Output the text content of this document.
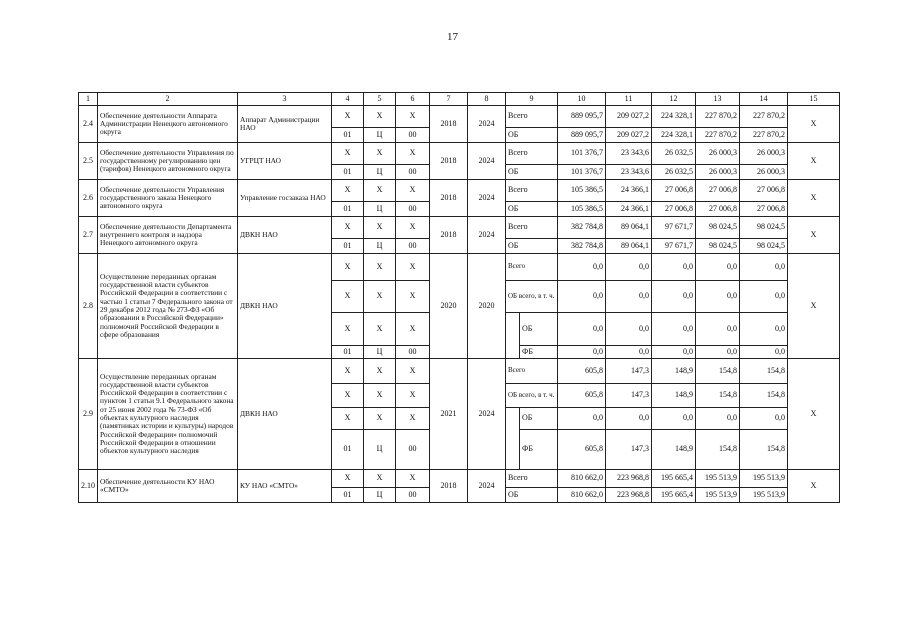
17
1	2	3	4	5	6	7	8	9		10	11	12	13	14	15
2.4	Обеспечение деятельности Аппарата Администрации Ненецкого автономного округа	Аппарат Администрации НАО	Х	Х	Х	2018	2024	Всего		889 095,7	209 027,2	224 328,1	227 870,2	227 870,2	Х
			01	Ц	00			ОБ		889 095,7	209 027,2	224 328,1	227 870,2	227 870,2	
2.5	Обеспечение деятельности Управления по государственному регулированию цен (тарифов) Ненецкого автономного округа	УГРЦТ НАО	Х	Х	Х	2018	2024	Всего		101 376,7	23 343,6	26 032,5	26 000,3	26 000,3	Х
			01	Ц	00			ОБ		101 376,7	23 343,6	26 032,5	26 000,3	26 000,3	
2.6	Обеспечение деятельности Управления государственного заказа Ненецкого автономного округа	Управление госзаказа НАО	Х	Х	Х	2018	2024	Всего		105 386,5	24 366,1	27 006,8	27 006,8	27 006,8	Х
			01	Ц	00			ОБ		105 386,5	24 366,1	27 006,8	27 006,8	27 006,8	
2.7	Обеспечение деятельности Департамента внутреннего контроля и надзора Ненецкого автономного округа	ДВКН НАО	Х	Х	Х	2018	2024	Всего		382 784,8	89 064,1	97 671,7	98 024,5	98 024,5	Х
			01	Ц	00			ОБ		382 784,8	89 064,1	97 671,7	98 024,5	98 024,5	
2.8	Осуществление переданных органам государственной власти субъектов Российской Федерации в соответствии с частью 1 статьи 7 Федерального закона от 29 декабря 2012 года № 273-ФЗ «Об образовании в Российской Федерации» полномочий Российской Федерации в сфере образования	ДВКН НАО	Х	Х	Х	2020	2020	Всего		0,0	0,0	0,0	0,0	0,0	Х
			Х	Х	Х			ОБ всего, в т. ч.		0,0	0,0	0,0	0,0	0,0	
			Х	Х	Х				ОБ	0,0	0,0	0,0	0,0	0,0	
			01	Ц	00				ФБ	0,0	0,0	0,0	0,0	0,0	
2.9	Осуществление переданных органам государственной власти субъектов Российской Федерации в соответствии с пунктом 1 статьи 9.1 Федерального закона от 25 июня 2002 года № 73-ФЗ «Об объектах культурного наследия (памятниках истории и культуры) народов Российской Федерации» полномочий Российской Федерации в отношении объектов культурного наследия	ДВКН НАО	Х	Х	Х	2021	2024	Всего		605,8	147,3	148,9	154,8	154,8	Х
			Х	Х	Х			ОБ всего, в т. ч.		605,8	147,3	148,9	154,8	154,8	
			Х	Х	Х				ОБ	0,0	0,0	0,0	0,0	0,0	
			01	Ц	00				ФБ	605,8	147,3	148,9	154,8	154,8	
2.10	Обеспечение деятельности КУ НАО «СМТО»	КУ НАО «СМТО»	Х	Х	Х	2018	2024	Всего		810 662,0	223 968,8	195 665,4	195 513,9	195 513,9	Х
			01	Ц	00			ОБ		810 662,0	223 968,8	195 665,4	195 513,9	195 513,9	
